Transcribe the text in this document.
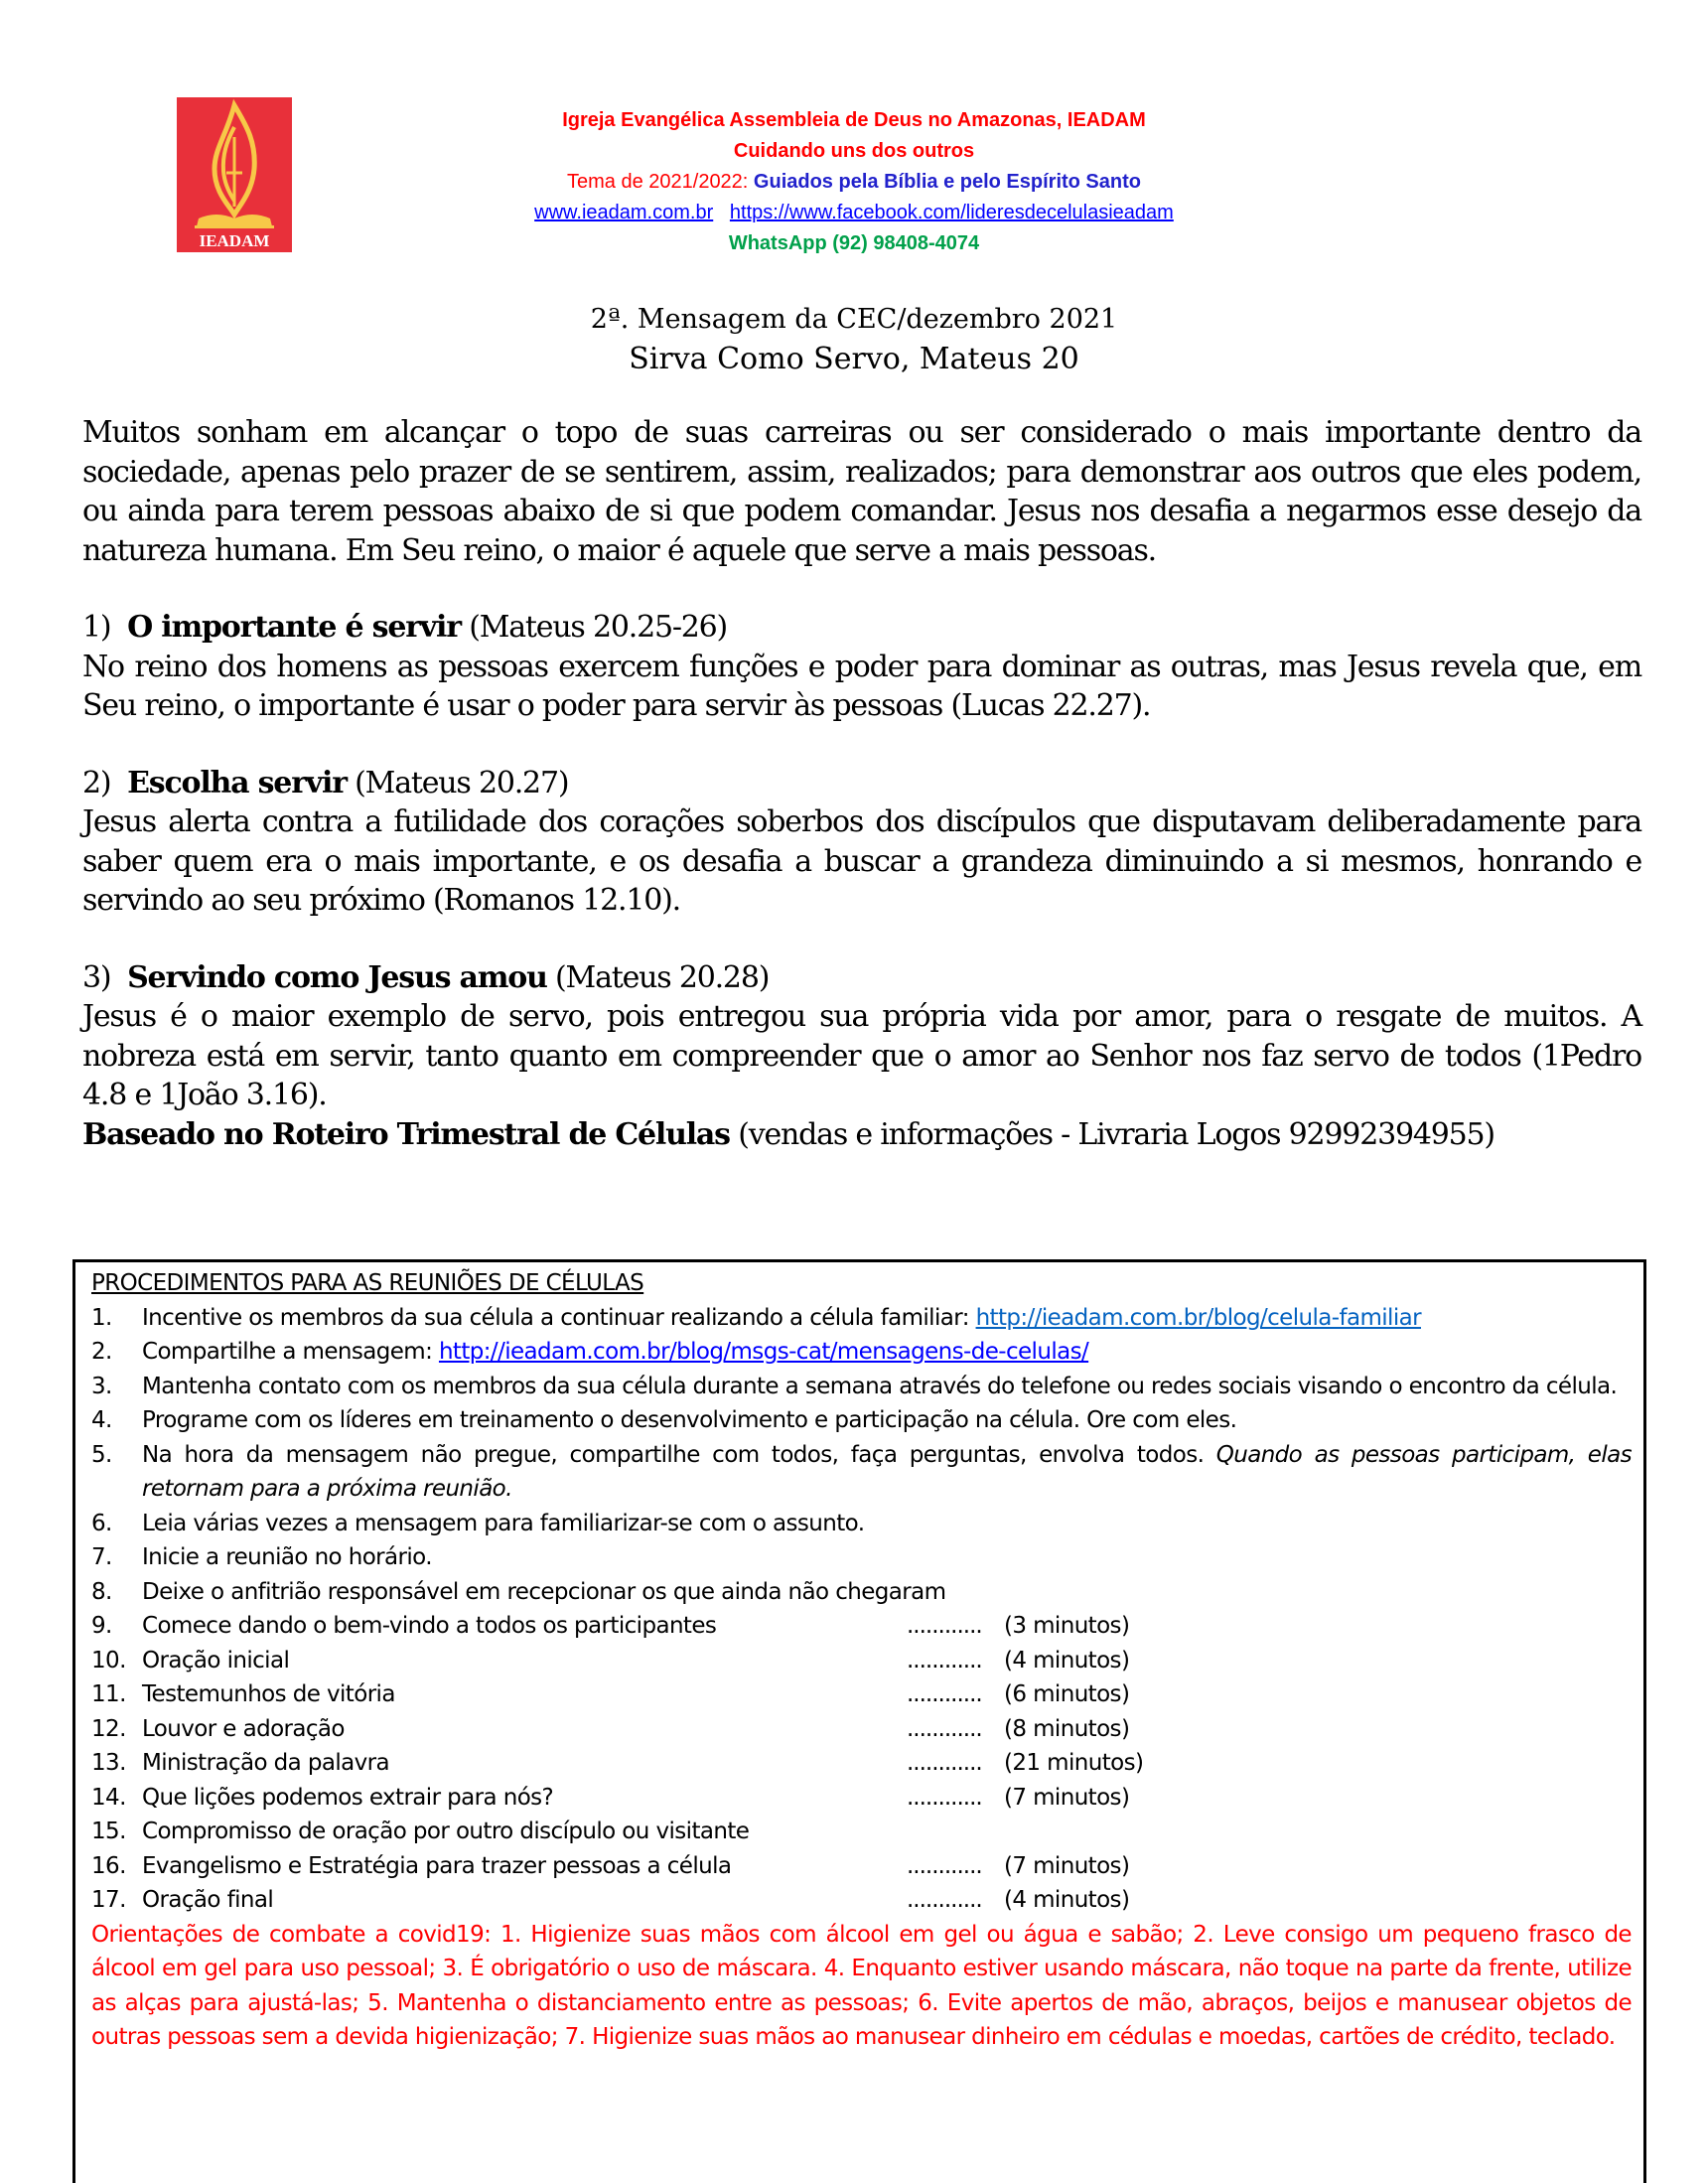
IEADAM
Igreja Evangélica Assembleia de Deus no Amazonas, IEADAM
Cuidando uns dos outros
Tema de 2021/2022: Guiados pela Bíblia e pelo Espírito Santo
www.ieadam.com.br https://www.facebook.com/lideresdecelulasieadam
WhatsApp (92) 98408-4074
2ª. Mensagem da CEC/dezembro 2021
Sirva Como Servo, Mateus 20

Muitos sonham em alcançar o topo de suas carreiras ou ser considerado o mais importante dentro da sociedade, apenas pelo prazer de se sentirem, assim, realizados; para demonstrar aos outros que eles podem, ou ainda para terem pessoas abaixo de si que podem comandar. Jesus nos desafia a negarmos esse desejo da natureza humana. Em Seu reino, o maior é aquele que serve a mais pessoas.

1) O importante é servir (Mateus 20.25-26)

No reino dos homens as pessoas exercem funções e poder para dominar as outras, mas Jesus revela que, em Seu reino, o importante é usar o poder para servir às pessoas (Lucas 22.27).

2) Escolha servir (Mateus 20.27)

Jesus alerta contra a futilidade dos corações soberbos dos discípulos que disputavam deliberadamente para saber quem era o mais importante, e os desafia a buscar a grandeza diminuindo a si mesmos, honrando e servindo ao seu próximo (Romanos 12.10).

3) Servindo como Jesus amou (Mateus 20.28)

Jesus é o maior exemplo de servo, pois entregou sua própria vida por amor, para o resgate de muitos. A nobreza está em servir, tanto quanto em compreender que o amor ao Senhor nos faz servo de todos (1Pedro 4.8 e 1João 3.16).

Baseado no Roteiro Trimestral de Células (vendas e informações - Livraria Logos 92992394955)

PROCEDIMENTOS PARA AS REUNIÕES DE CÉLULAS
1.	Incentive os membros da sua célula a continuar realizando a célula familiar: http://ieadam.com.br/blog/celula-familiar
2.	Compartilhe a mensagem: http://ieadam.com.br/blog/msgs-cat/mensagens-de-celulas/
3.	Mantenha contato com os membros da sua célula durante a semana através do telefone ou redes sociais visando o encontro da célula.
4.	Programe com os líderes em treinamento o desenvolvimento e participação na célula. Ore com eles.
5.	Na hora da mensagem não pregue, compartilhe com todos, faça perguntas, envolva todos. Quando as pessoas participam, elas retornam para a próxima reunião.
6.	Leia várias vezes a mensagem para familiarizar-se com o assunto.
7.	Inicie a reunião no horário.
8.	Deixe o anfitrião responsável em recepcionar os que ainda não chegaram
9.	Comece dando o bem-vindo a todos os participantes	............ (3 minutos)
10. Oração inicial	............ (4 minutos)
11. Testemunhos de vitória	............ (6 minutos)
12. Louvor e adoração	............ (8 minutos)
13. Ministração da palavra	............ (21 minutos)
14. Que lições podemos extrair para nós?	............ (7 minutos)
15. Compromisso de oração por outro discípulo ou visitante
16. Evangelismo e Estratégia para trazer pessoas a célula	............ (7 minutos)
17. Oração final	............ (4 minutos)
Orientações de combate a covid19: 1. Higienize suas mãos com álcool em gel ou água e sabão; 2. Leve consigo um pequeno frasco de álcool em gel para uso pessoal; 3. É obrigatório o uso de máscara. 4. Enquanto estiver usando máscara, não toque na parte da frente, utilize as alças para ajustá-las; 5. Mantenha o distanciamento entre as pessoas; 6. Evite apertos de mão, abraços, beijos e manusear objetos de outras pessoas sem a devida higienização; 7. Higienize suas mãos ao manusear dinheiro em cédulas e moedas, cartões de crédito, teclado.
